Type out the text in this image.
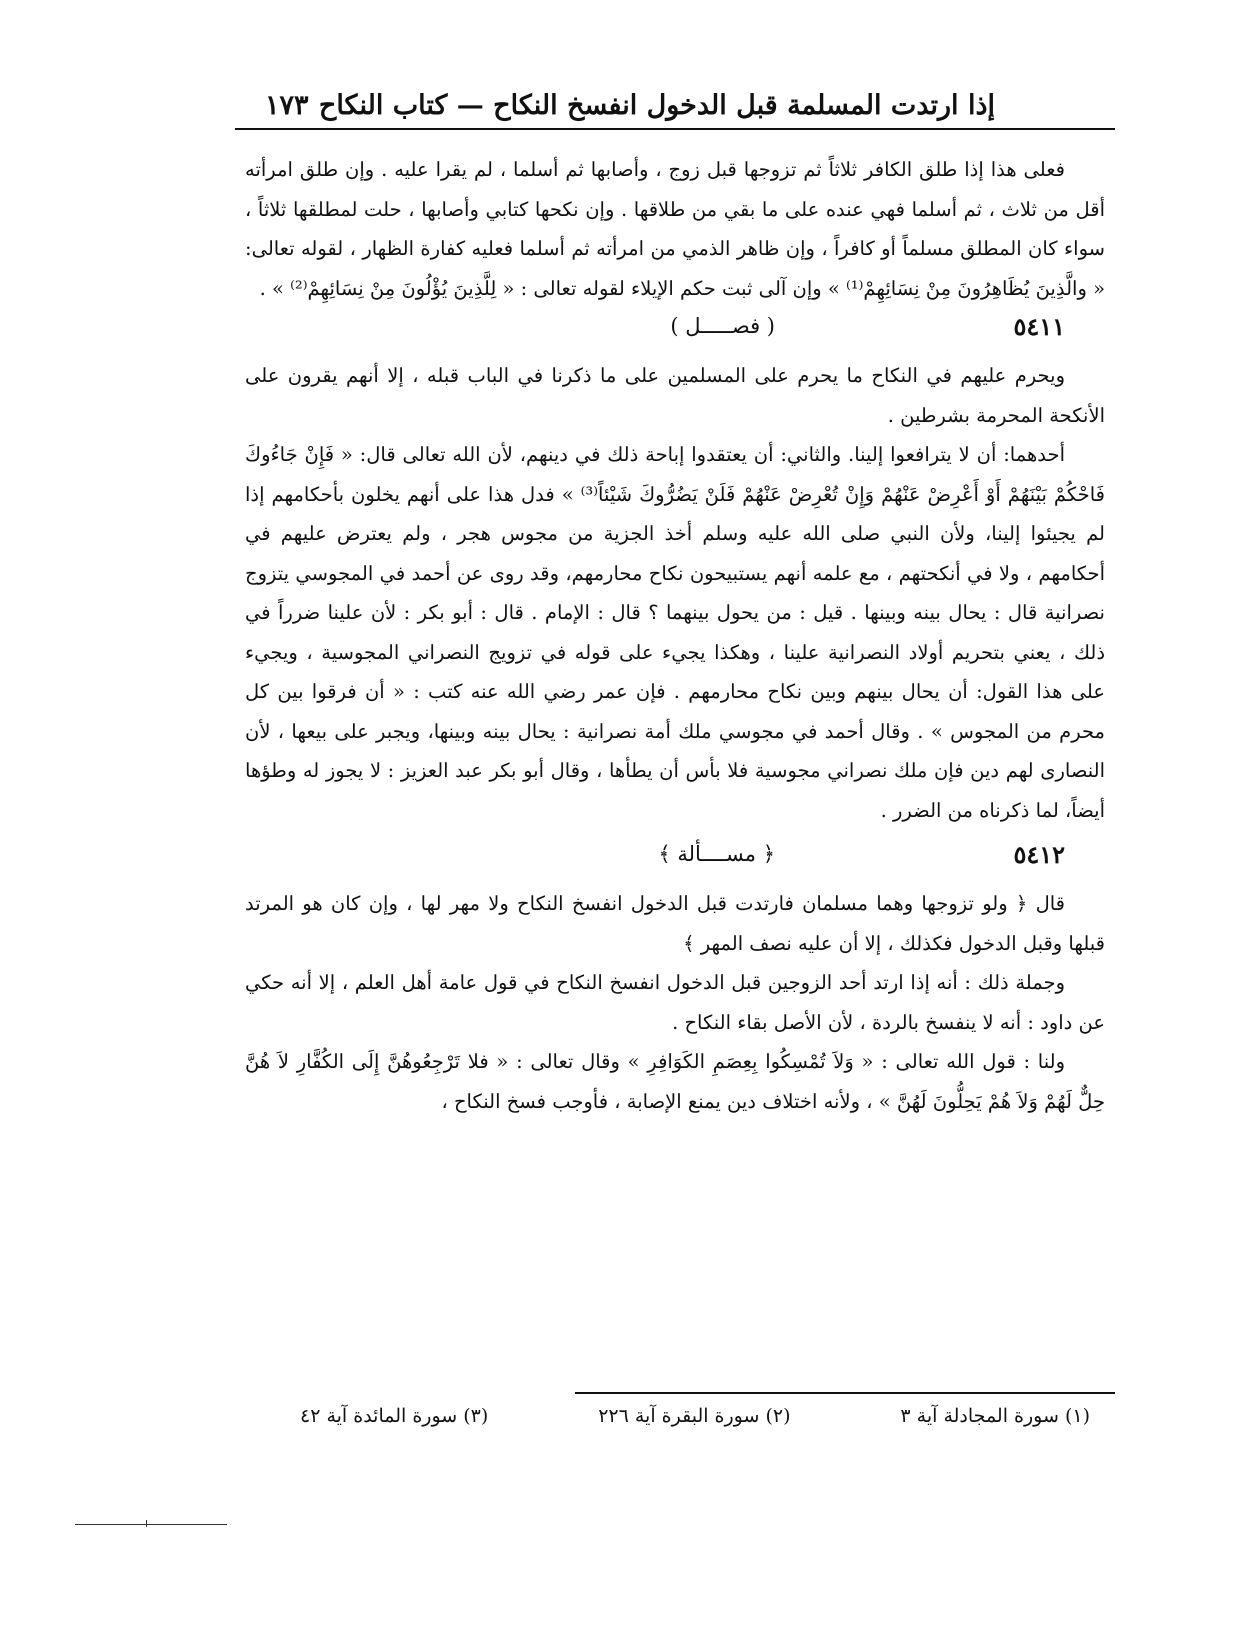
إذا ارتدت المسلمة قبل الدخول انفسخ النكاح — كتاب النكاح
١٧٣

فعلى هذا إذا طلق الكافر ثلاثاً ثم تزوجها قبل زوج ، وأصابها ثم أسلما ، لم يقرا عليه . وإن طلق امرأته أقل من ثلاث ، ثم أسلما فهي عنده على ما بقي من طلاقها . وإن نكحها كتابي وأصابها ، حلت لمطلقها ثلاثاً ، سواء كان المطلق مسلماً أو كافراً ، وإن ظاهر الذمي من امرأته ثم أسلما فعليه كفارة الظهار ، لقوله تعالى: « والَّذِينَ يُظَاهِرُونَ مِنْ نِسَائِهِمْ⁽¹⁾ » وإن آلى ثبت حكم الإيلاء لقوله تعالى : « لِلَّذِينَ يُؤْلُونَ مِنْ نِسَائِهِمْ⁽²⁾ » .

٥٤١١
( فصـــــل )

ويحرم عليهم في النكاح ما يحرم على المسلمين على ما ذكرنا في الباب قبله ، إلا أنهم يقرون على الأنكحة المحرمة بشرطين .

أحدهما: أن لا يترافعوا إلينا. والثاني: أن يعتقدوا إباحة ذلك في دينهم، لأن الله تعالى قال: « فَإِنْ جَاءُوكَ فَاحْكُمْ بَيْنَهُمْ أَوْ أَعْرِضْ عَنْهُمْ وَإِنْ تُعْرِضْ عَنْهُمْ فَلَنْ يَضُرُّوكَ شَيْئاً⁽³⁾ » فدل هذا على أنهم يخلون بأحكامهم إذا لم يجيئوا إلينا، ولأن النبي صلى الله عليه وسلم أخذ الجزية من مجوس هجر ، ولم يعترض عليهم في أحكامهم ، ولا في أنكحتهم ، مع علمه أنهم يستبيحون نكاح محارمهم، وقد روى عن أحمد في المجوسي يتزوج نصرانية قال : يحال بينه وبينها . قيل : من يحول بينهما ؟ قال : الإمام . قال : أبو بكر : لأن علينا ضرراً في ذلك ، يعني بتحريم أولاد النصرانية علينا ، وهكذا يجيء على قوله في تزويج النصراني المجوسية ، ويجيء على هذا القول: أن يحال بينهم وبين نكاح محارمهم . فإن عمر رضي الله عنه كتب : « أن فرقوا بين كل محرم من المجوس » . وقال أحمد في مجوسي ملك أمة نصرانية : يحال بينه وبينها، ويجبر على بيعها ، لأن النصارى لهم دين فإن ملك نصراني مجوسية فلا بأس أن يطأها ، وقال أبو بكر عبد العزيز : لا يجوز له وطؤها أيضاً، لما ذكرناه من الضرر .

٥٤١٢
﴿ مســــألة ﴾

قال ﴿ ولو تزوجها وهما مسلمان فارتدت قبل الدخول انفسخ النكاح ولا مهر لها ، وإن كان هو المرتد قبلها وقبل الدخول فكذلك ، إلا أن عليه نصف المهر ﴾

وجملة ذلك : أنه إذا ارتد أحد الزوجين قبل الدخول انفسخ النكاح في قول عامة أهل العلم ، إلا أنه حكي عن داود : أنه لا ينفسخ بالردة ، لأن الأصل بقاء النكاح .

ولنا : قول الله تعالى : « وَلاَ تُمْسِكُوا بِعِصَمِ الكَوَافِرِ » وقال تعالى : « فلا تَرْجِعُوهُنَّ إِلَى الكُفَّارِ لاَ هُنَّ حِلٌّ لَهُمْ وَلاَ هُمْ يَحِلُّونَ لَهُنَّ » ، ولأنه اختلاف دين يمنع الإصابة ، فأوجب فسخ النكاح ،

(١) سورة المجادلة آية ٣
(٢) سورة البقرة آية ٢٢٦
(٣) سورة المائدة آية ٤٢
